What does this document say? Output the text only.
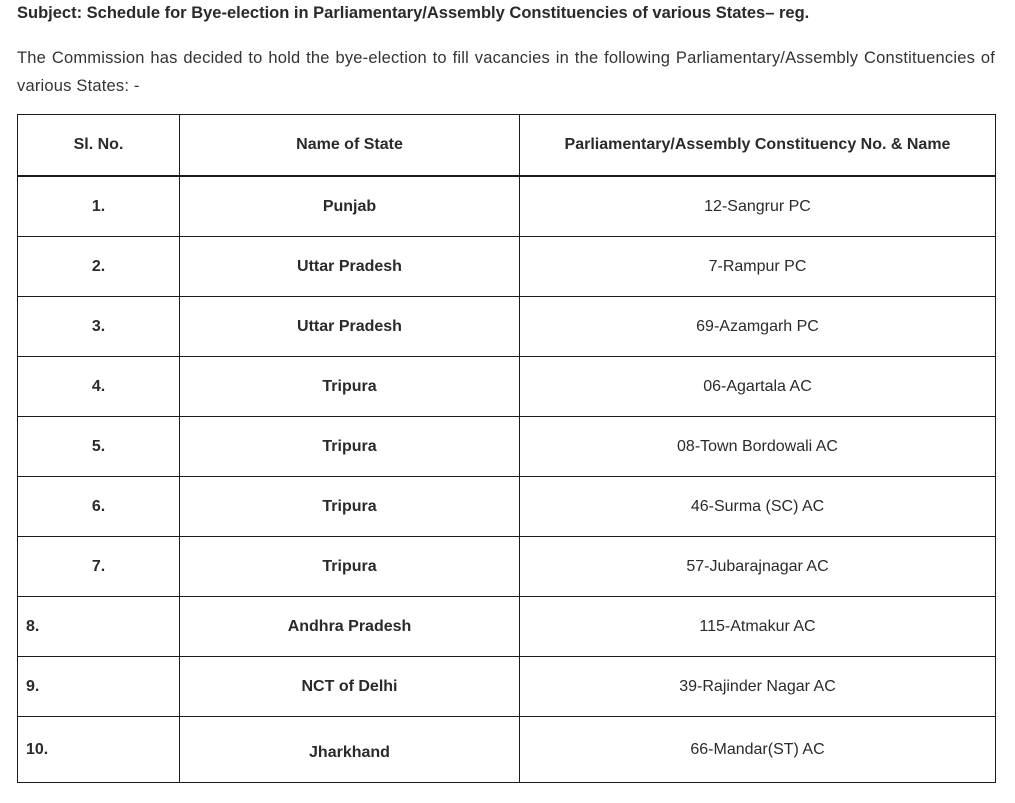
Subject: Schedule for Bye-election in Parliamentary/Assembly Constituencies of various States– reg.

The Commission has decided to hold the bye-election to fill vacancies in the following Parliamentary/Assembly Constituencies of various States: -

Sl. No.	Name of State	Parliamentary/Assembly Constituency No. & Name
1.	Punjab	12-Sangrur PC
2.	Uttar Pradesh	7-Rampur PC
3.	Uttar Pradesh	69-Azamgarh PC
4.	Tripura	06-Agartala AC
5.	Tripura	08-Town Bordowali AC
6.	Tripura	46-Surma (SC) AC
7.	Tripura	57-Jubarajnagar AC
8.	Andhra Pradesh	115-Atmakur AC
9.	NCT of Delhi	39-Rajinder Nagar AC
10.	Jharkhand	66-Mandar(ST) AC
